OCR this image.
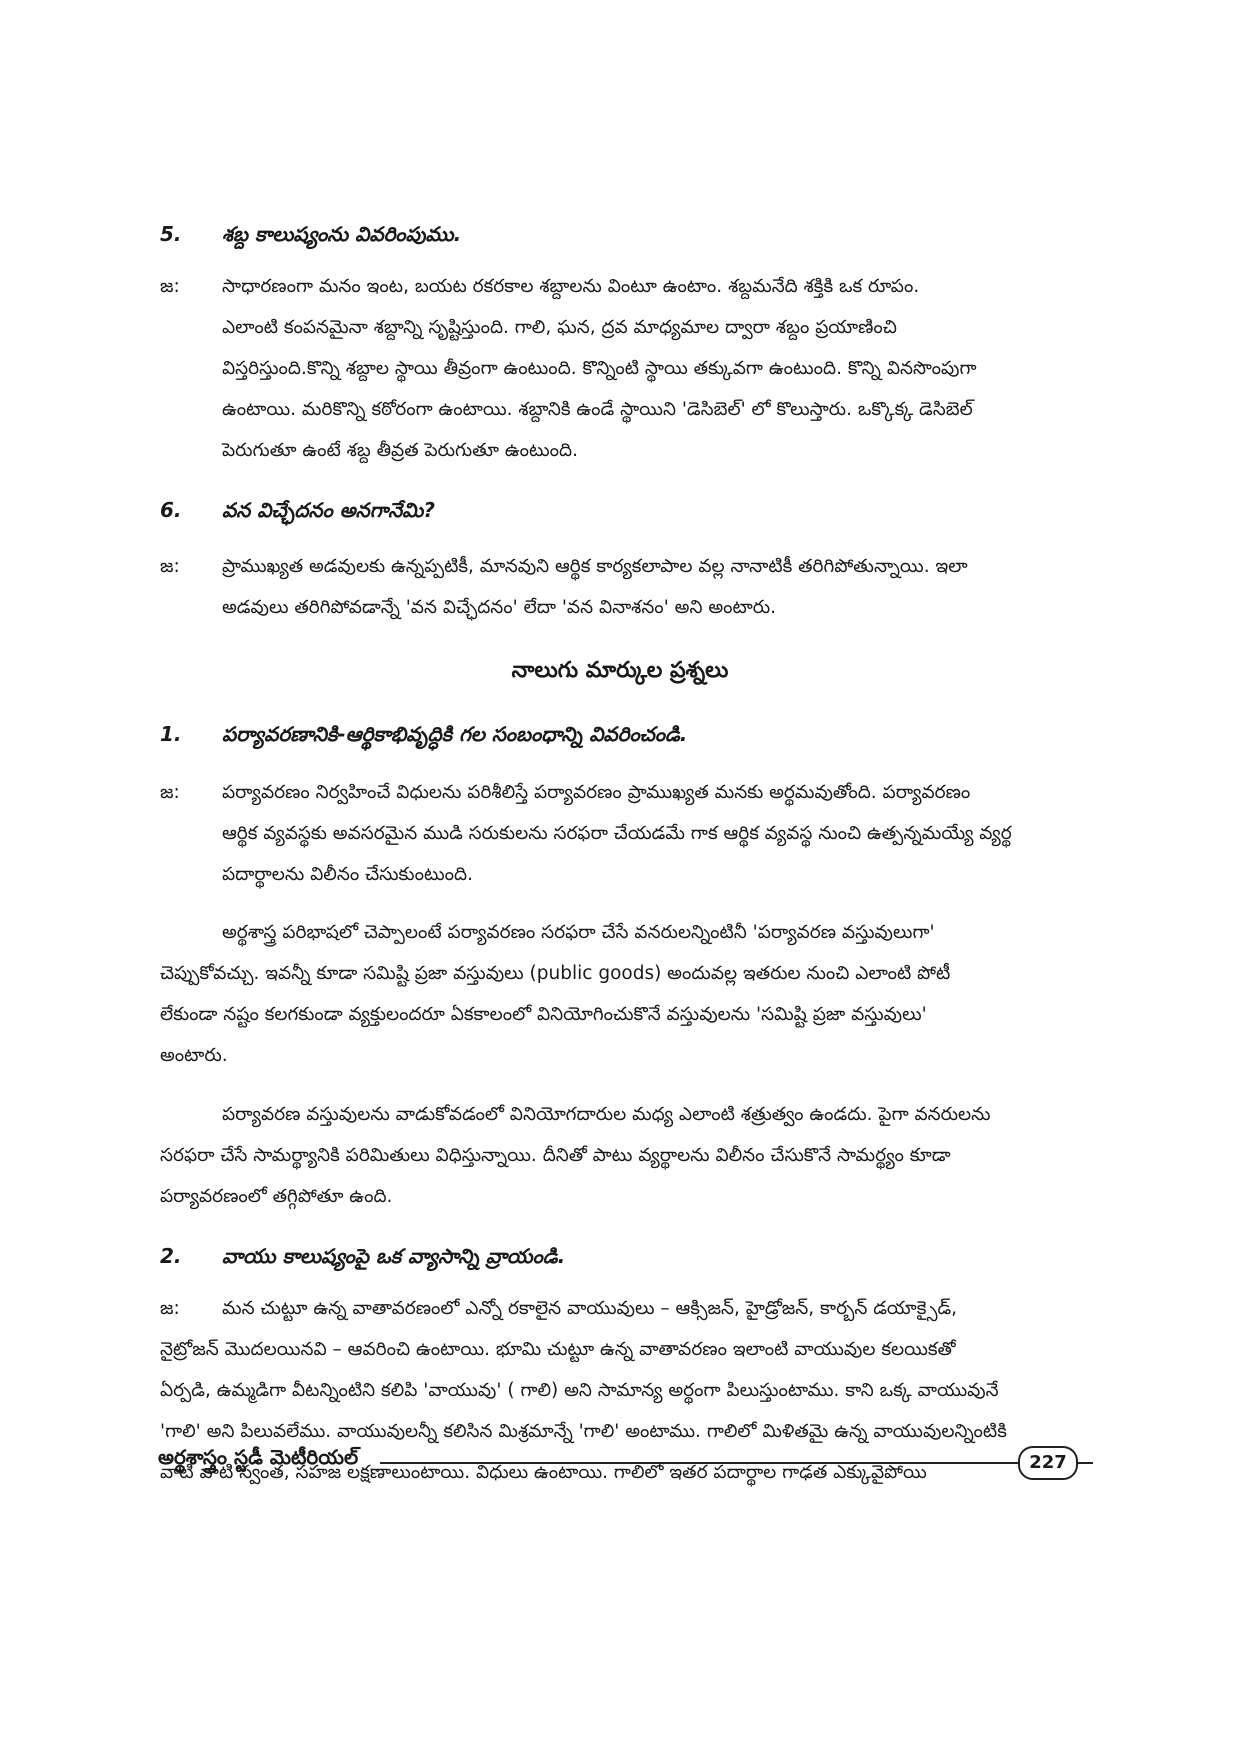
5. శబ్ద కాలుష్యంను వివరింపుము.
జ:	సాధారణంగా మనం ఇంట, బయట రకరకాల శబ్దాలను వింటూ ఉంటాం. శబ్దమనేది శక్తికి ఒక రూపం.
ఎలాంటి కంపనమైనా శబ్దాన్ని సృష్టిస్తుంది. గాలి, ఘన, ద్రవ మాధ్యమాల ద్వారా శబ్దం ప్రయాణించి
విస్తరిస్తుంది.కొన్ని శబ్దాల స్థాయి తీవ్రంగా ఉంటుంది. కొన్నింటి స్థాయి తక్కువగా ఉంటుంది. కొన్ని వినసొంపుగా
ఉంటాయి. మరికొన్ని కఠోరంగా ఉంటాయి. శబ్దానికి ఉండే స్థాయిని 'డెసిబెల్' లో కొలుస్తారు. ఒక్కొక్క డెసిబెల్
పెరుగుతూ ఉంటే శబ్ద తీవ్రత పెరుగుతూ ఉంటుంది.
6. వన విచ్ఛేదనం అనగానేమి?
జ:	ప్రాముఖ్యత అడవులకు ఉన్నప్పటికీ, మానవుని ఆర్థిక కార్యకలాపాల వల్ల నానాటికీ తరిగిపోతున్నాయి. ఇలా
అడవులు తరిగిపోవడాన్నే 'వన విచ్ఛేదనం' లేదా 'వన వినాశనం' అని అంటారు.
నాలుగు మార్కుల ప్రశ్నలు
1. పర్యావరణానికి-ఆర్థికాభివృద్ధికి గల సంబంధాన్ని వివరించండి.
జ:	పర్యావరణం నిర్వహించే విధులను పరిశీలిస్తే పర్యావరణం ప్రాముఖ్యత మనకు అర్థమవుతోంది. పర్యావరణం
ఆర్థిక వ్యవస్థకు అవసరమైన ముడి సరుకులను సరఫరా చేయడమే గాక ఆర్థిక వ్యవస్థ నుంచి ఉత్పన్నమయ్యే వ్యర్థ
పదార్థాలను విలీనం చేసుకుంటుంది.
అర్థశాస్త్ర పరిభాషలో చెప్పాలంటే పర్యావరణం సరఫరా చేసే వనరులన్నింటినీ 'పర్యావరణ వస్తువులుగా'
చెప్పుకోవచ్చు. ఇవన్నీ కూడా సమిష్టి ప్రజా వస్తువులు (public goods) అందువల్ల ఇతరుల నుంచి ఎలాంటి పోటీ
లేకుండా నష్టం కలగకుండా వ్యక్తులందరూ ఏకకాలంలో వినియోగించుకొనే వస్తువులను 'సమిష్టి ప్రజా వస్తువులు'
అంటారు.
పర్యావరణ వస్తువులను వాడుకోవడంలో వినియోగదారుల మధ్య ఎలాంటి శత్రుత్వం ఉండదు. పైగా వనరులను
సరఫరా చేసే సామర్థ్యానికి పరిమితులు విధిస్తున్నాయి. దీనితో పాటు వ్యర్థాలను విలీనం చేసుకొనే సామర్థ్యం కూడా
పర్యావరణంలో తగ్గిపోతూ ఉంది.
2. వాయు కాలుష్యంపై ఒక వ్యాసాన్ని వ్రాయండి.
జ:	మన చుట్టూ ఉన్న వాతావరణంలో ఎన్నో రకాలైన వాయువులు – ఆక్సిజన్, హైడ్రోజన్, కార్బన్ డయాక్సైడ్,
నైట్రోజన్ మొదలయినవి – ఆవరించి ఉంటాయి. భూమి చుట్టూ ఉన్న వాతావరణం ఇలాంటి వాయువుల కలయికతో
ఏర్పడి, ఉమ్మడిగా వీటన్నింటిని కలిపి 'వాయువు' ( గాలి) అని సామాన్య అర్థంగా పిలుస్తుంటాము. కాని ఒక్క వాయువునే
'గాలి' అని పిలువలేము. వాయువులన్నీ కలిసిన మిశ్రమాన్నే 'గాలి' అంటాము. గాలిలో మిళితమై ఉన్న వాయువులన్నింటికి
వాటి వాటి స్వంత, సహజ లక్షణాలుంటాయి. విధులు ఉంటాయి. గాలిలో ఇతర పదార్థాల గాఢత ఎక్కువైపోయి
అర్థశాస్త్రం స్టడీ మెటీరియల్	227
